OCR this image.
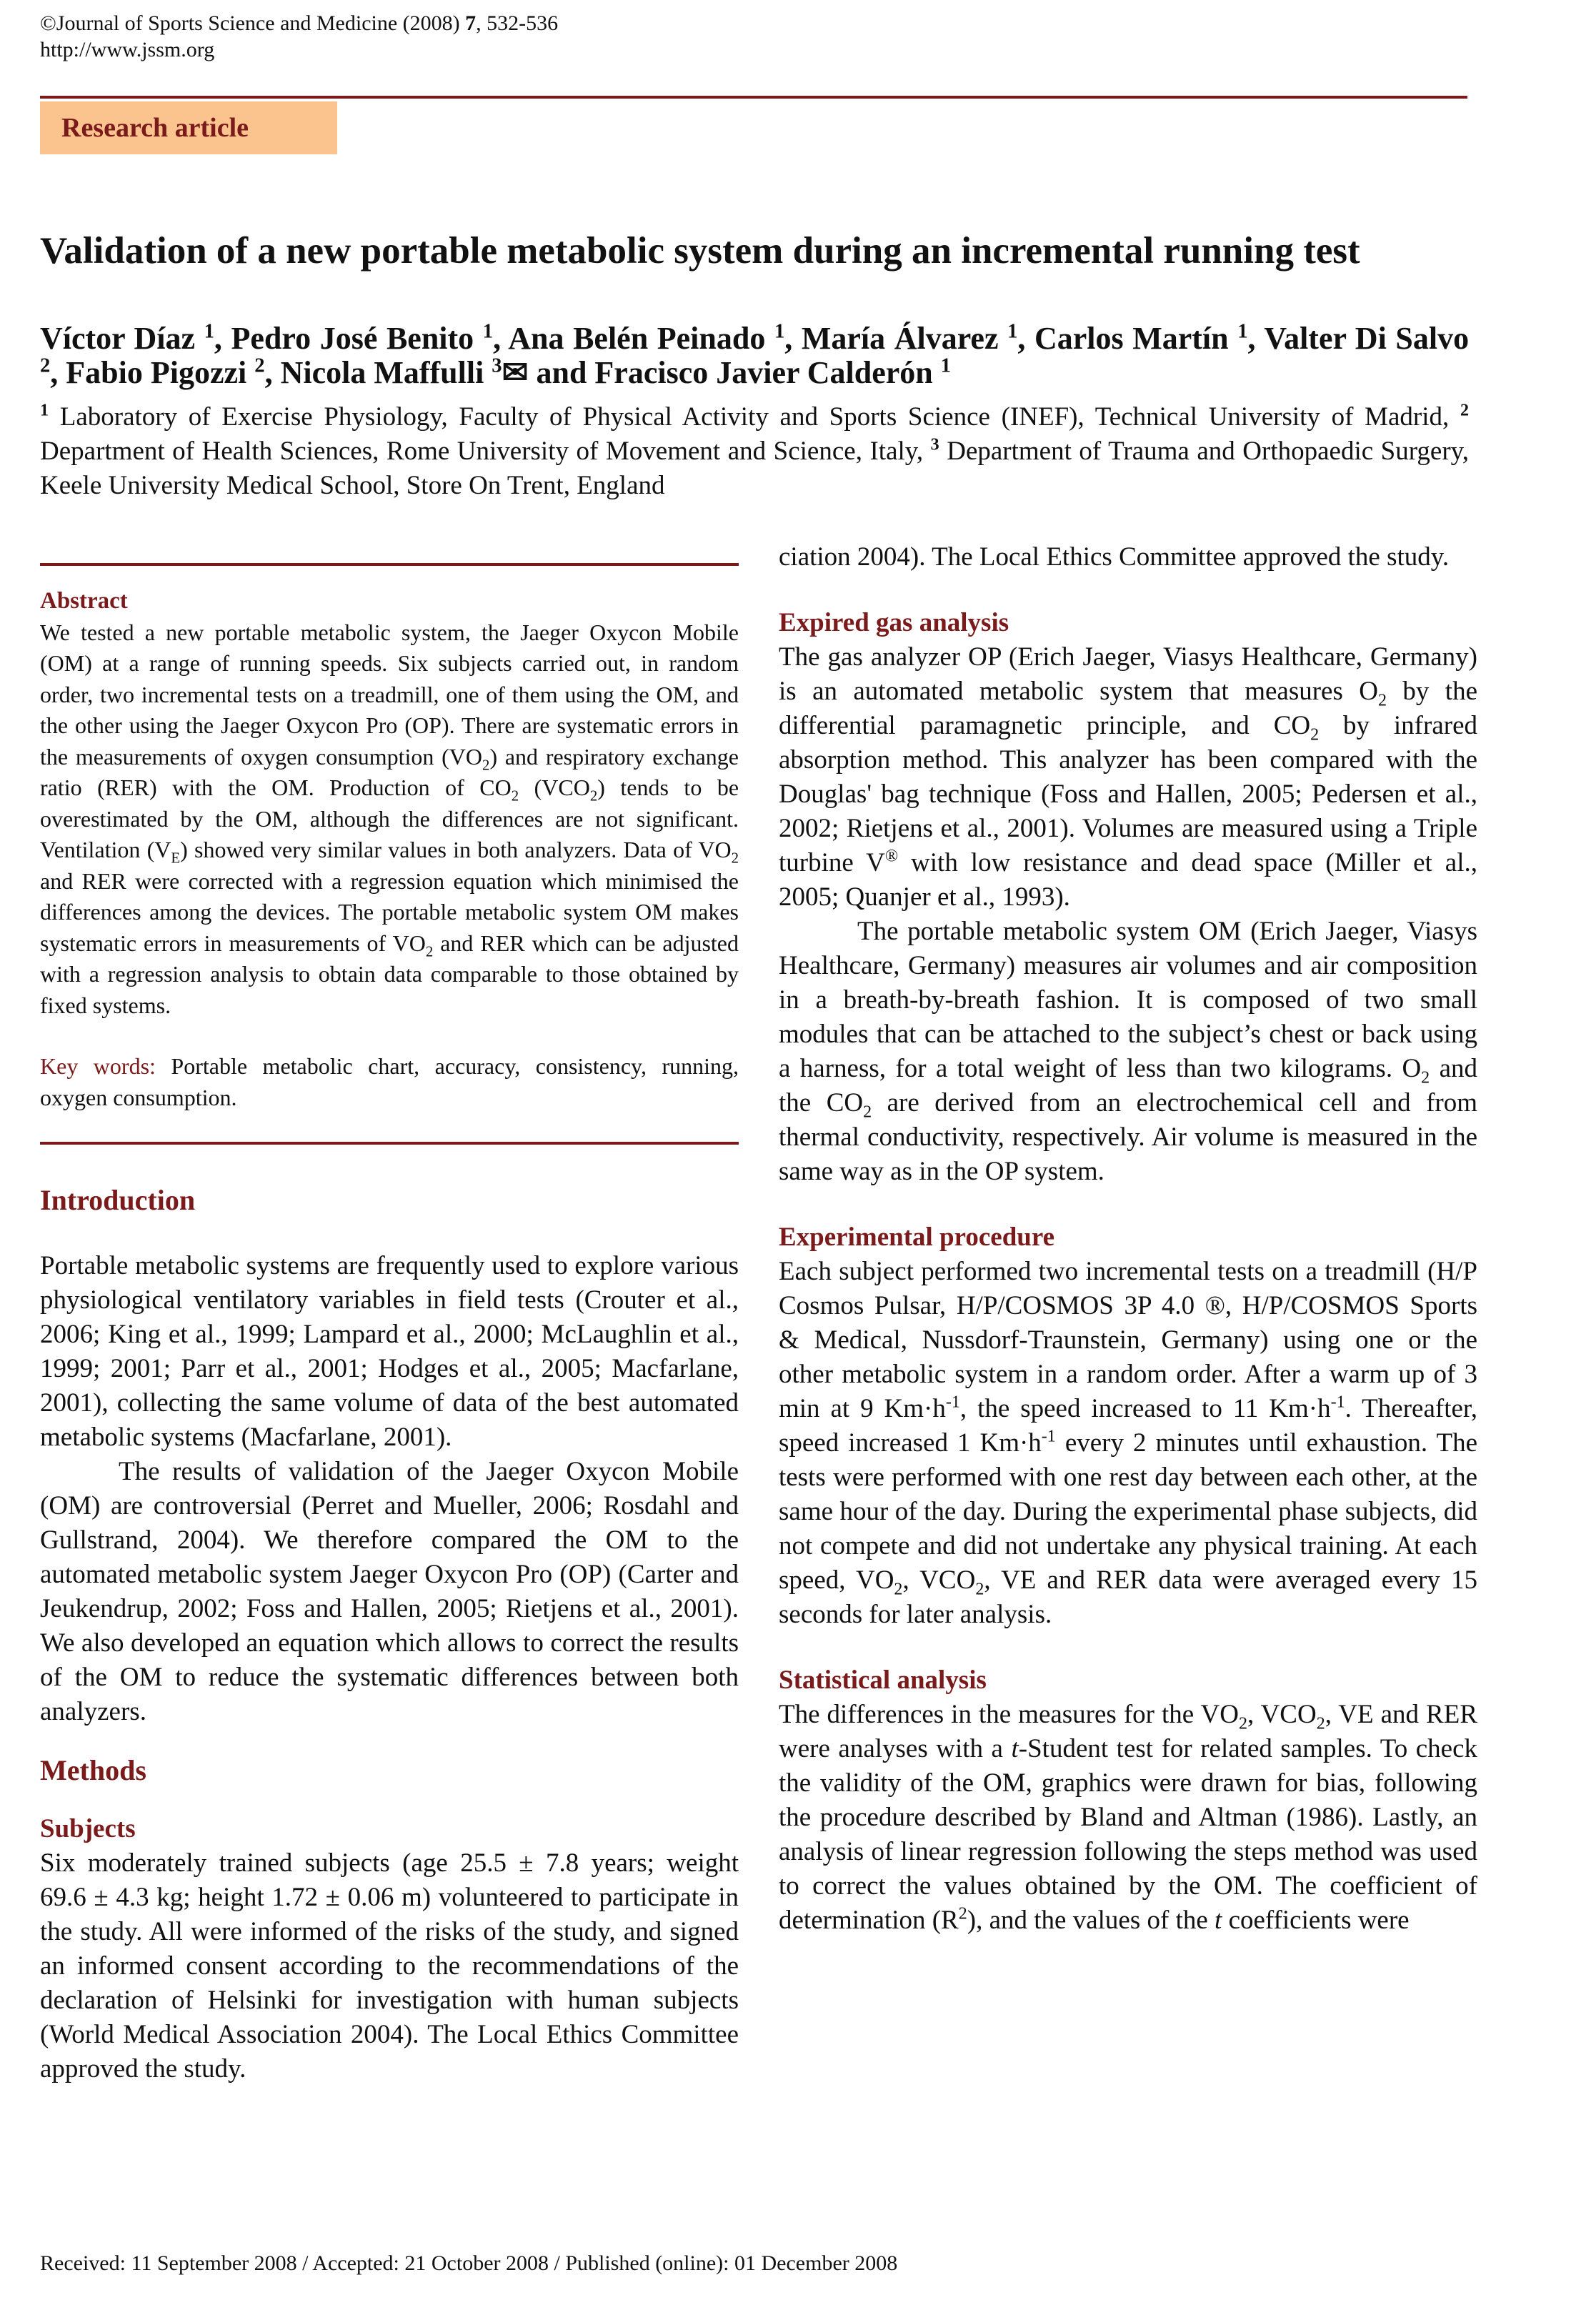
©Journal of Sports Science and Medicine (2008) 7, 532-536
http://www.jssm.org
Research article
Validation of a new portable metabolic system during an incremental running test
Víctor Díaz $^1$, Pedro José Benito $^1$, Ana Belén Peinado $^1$, María Álvarez $^1$, Carlos Martín $^1$, Valter Di Salvo $^2$, Fabio Pigozzi $^2$, Nicola Maffulli $^3$✉ and Fracisco Javier Calderón $^1$
$^1$ Laboratory of Exercise Physiology, Faculty of Physical Activity and Sports Science (INEF), Technical University of Madrid, $^2$ Department of Health Sciences, Rome University of Movement and Science, Italy, $^3$ Department of Trauma and Orthopaedic Surgery, Keele University Medical School, Store On Trent, England
Abstract

We tested a new portable metabolic system, the Jaeger Oxycon Mobile (OM) at a range of running speeds. Six subjects carried out, in random order, two incremental tests on a treadmill, one of them using the OM, and the other using the Jaeger Oxycon Pro (OP). There are systematic errors in the measurements of oxygen consumption $(VO_2)$ and respiratory exchange ratio (RER) with the OM. Production of $CO_2$ $(VCO_2)$ tends to be overestimated by the OM, although the differences are not significant. Ventilation $(V_E)$ showed very similar values in both analyzers. Data of $VO_2$ and RER were corrected with a regression equation which minimised the differences among the devices. The portable metabolic system OM makes systematic errors in measurements of $VO_2$ and RER which can be adjusted with a regression analysis to obtain data comparable to those obtained by fixed systems.

Key words: Portable metabolic chart, accuracy, consistency, running, oxygen consumption.

Introduction

Portable metabolic systems are frequently used to explore various physiological ventilatory variables in field tests (Crouter et al., 2006; King et al., 1999; Lampard et al., 2000; McLaughlin et al., 1999; 2001; Parr et al., 2001; Hodges et al., 2005; Macfarlane, 2001), collecting the same volume of data of the best automated metabolic systems (Macfarlane, 2001).

The results of validation of the Jaeger Oxycon Mobile (OM) are controversial (Perret and Mueller, 2006; Rosdahl and Gullstrand, 2004). We therefore compared the OM to the automated metabolic system Jaeger Oxycon Pro (OP) (Carter and Jeukendrup, 2002; Foss and Hallen, 2005; Rietjens et al., 2001). We also developed an equation which allows to correct the results of the OM to reduce the systematic differences between both analyzers.

Methods
Subjects

Six moderately trained subjects (age 25.5 ± 7.8 years; weight 69.6 ± 4.3 kg; height 1.72 ± 0.06 m) volunteered to participate in the study. All were informed of the risks of the study, and signed an informed consent according to the recommendations of the declaration of Helsinki for investigation with human subjects (World Medical Association 2004). The Local Ethics Committee approved the study.

ciation 2004). The Local Ethics Committee approved the study.

Expired gas analysis

The gas analyzer OP (Erich Jaeger, Viasys Healthcare, Germany) is an automated metabolic system that measures $O_2$ by the differential paramagnetic principle, and $CO_2$ by infrared absorption method. This analyzer has been compared with the Douglas' bag technique (Foss and Hallen, 2005; Pedersen et al., 2002; Rietjens et al., 2001). Volumes are measured using a Triple turbine V® with low resistance and dead space (Miller et al., 2005; Quanjer et al., 1993).

The portable metabolic system OM (Erich Jaeger, Viasys Healthcare, Germany) measures air volumes and air composition in a breath-by-breath fashion. It is composed of two small modules that can be attached to the subject’s chest or back using a harness, for a total weight of less than two kilograms. $O_2$ and the $CO_2$ are derived from an electrochemical cell and from thermal conductivity, respectively. Air volume is measured in the same way as in the OP system.

Experimental procedure

Each subject performed two incremental tests on a treadmill (H/P Cosmos Pulsar, H/P/COSMOS 3P 4.0 ®, H/P/COSMOS Sports & Medical, Nussdorf-Traunstein, Germany) using one or the other metabolic system in a random order. After a warm up of 3 min at 9 $Km\cdot h^{-1}$, the speed increased to 11 $Km\cdot h^{-1}$. Thereafter, speed increased 1 $Km\cdot h^{-1}$ every 2 minutes until exhaustion. The tests were performed with one rest day between each other, at the same hour of the day. During the experimental phase subjects, did not compete and did not undertake any physical training. At each speed, $VO_2$, $VCO_2$, VE and RER data were averaged every 15 seconds for later analysis.

Statistical analysis

The differences in the measures for the $VO_2$, $VCO_2$, VE and RER were analyses with a t-Student test for related samples. To check the validity of the OM, graphics were drawn for bias, following the procedure described by Bland and Altman (1986). Lastly, an analysis of linear regression following the steps method was used to correct the values obtained by the OM. The coefficient of determination $(R^2)$, and the values of the t coefficients were

Received: 11 September 2008 / Accepted: 21 October 2008 / Published (online): 01 December 2008
